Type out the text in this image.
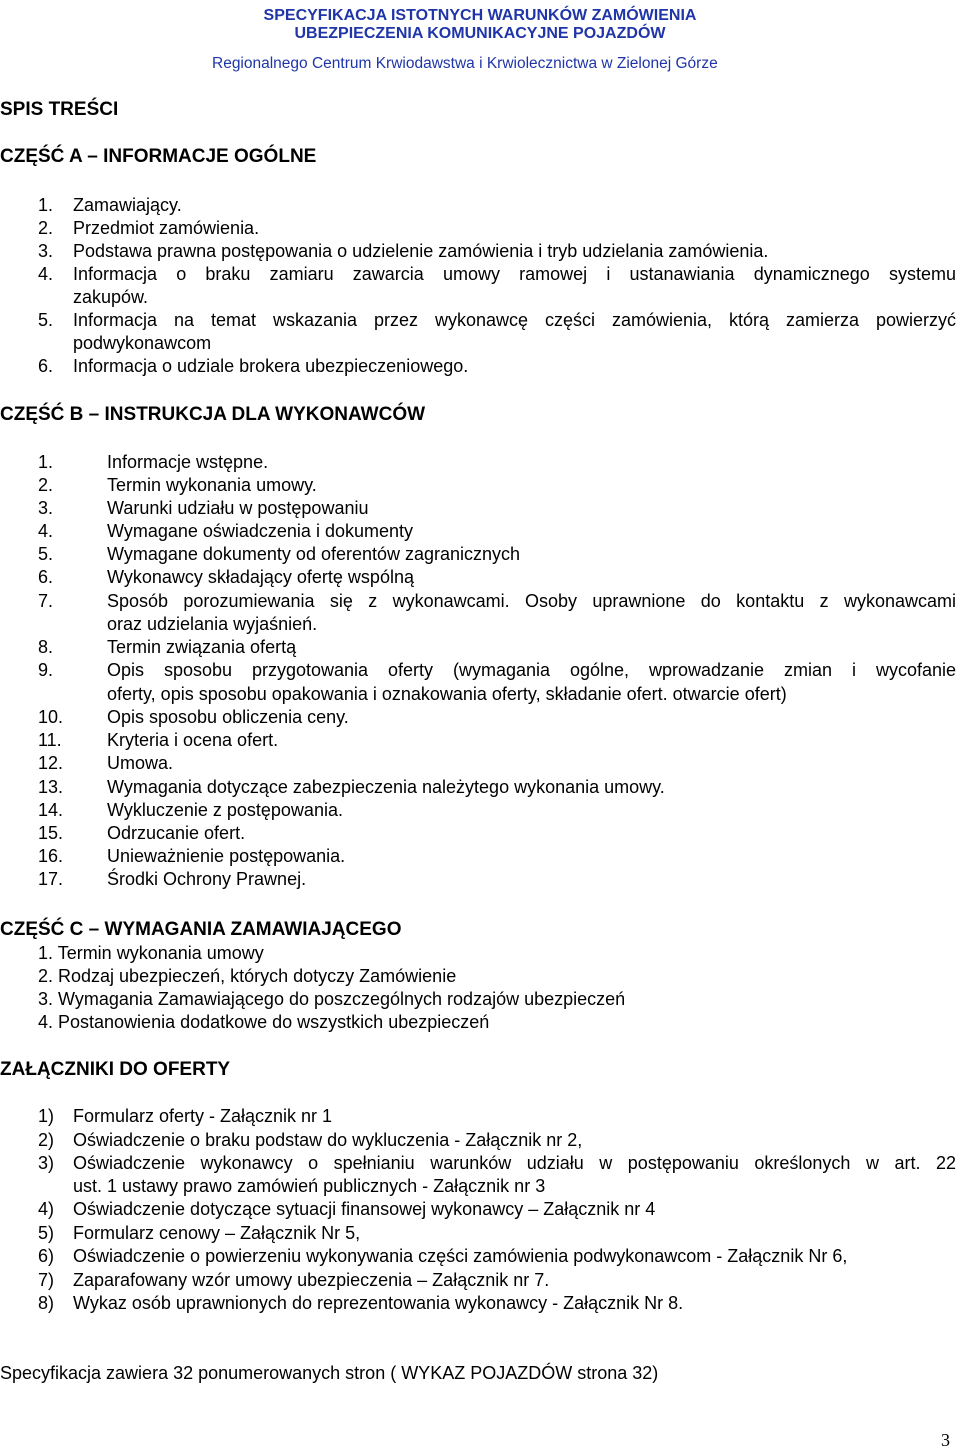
SPECYFIKACJA ISTOTNYCH WARUNKÓW ZAMÓWIENIA
UBEZPIECZENIA KOMUNIKACYJNE POJAZDÓW
Regionalnego Centrum Krwiodawstwa i Krwiolecznictwa w Zielonej Górze
SPIS TREŚCI
CZĘŚĆ A – INFORMACJE OGÓLNE
1. Zamawiający.
2. Przedmiot zamówienia.
3. Podstawa prawna postępowania o udzielenie zamówienia i tryb udzielania zamówienia.
4. Informacja o braku zamiaru zawarcia umowy ramowej i ustanawiania dynamicznego systemu
zakupów.
5. Informacja na temat wskazania przez wykonawcę części zamówienia, którą zamierza powierzyć
podwykonawcom
6. Informacja o udziale brokera ubezpieczeniowego.
CZĘŚĆ B – INSTRUKCJA DLA WYKONAWCÓW
1.	Informacje wstępne.
2.	Termin wykonania umowy.
3.	Warunki udziału w postępowaniu
4.	Wymagane oświadczenia i dokumenty
5.	Wymagane dokumenty od oferentów zagranicznych
6.	Wykonawcy składający ofertę wspólną
7.	Sposób porozumiewania się z wykonawcami. Osoby uprawnione do kontaktu z wykonawcami
oraz udzielania wyjaśnień.
8.	Termin związania ofertą
9.	Opis sposobu przygotowania oferty (wymagania ogólne, wprowadzanie zmian i wycofanie
oferty, opis sposobu opakowania i oznakowania oferty, składanie ofert. otwarcie ofert)
10. Opis sposobu obliczenia ceny.
11.	Kryteria i ocena ofert.
12. Umowa.
13. Wymagania dotyczące zabezpieczenia należytego wykonania umowy.
14. Wykluczenie z postępowania.
15. Odrzucanie ofert.
16. Unieważnienie postępowania.
17. Środki Ochrony Prawnej.
CZĘŚĆ C – WYMAGANIA ZAMAWIAJĄCEGO
1. Termin wykonania umowy
2. Rodzaj ubezpieczeń, których dotyczy Zamówienie
3. Wymagania Zamawiającego do poszczególnych rodzajów ubezpieczeń
4. Postanowienia dodatkowe do wszystkich ubezpieczeń
ZAŁĄCZNIKI DO OFERTY
1) Formularz oferty - Załącznik nr 1
2) Oświadczenie o braku podstaw do wykluczenia - Załącznik nr 2,
3) Oświadczenie wykonawcy o spełnianiu warunków udziału w postępowaniu określonych w art. 22
ust. 1 ustawy prawo zamówień publicznych - Załącznik nr 3
4) Oświadczenie dotyczące sytuacji finansowej wykonawcy – Załącznik nr 4
5) Formularz cenowy – Załącznik Nr 5,
6) Oświadczenie o powierzeniu wykonywania części zamówienia podwykonawcom - Załącznik Nr 6,
7) Zaparafowany wzór umowy ubezpieczenia – Załącznik nr 7.
8) Wykaz osób uprawnionych do reprezentowania wykonawcy - Załącznik Nr 8.
Specyfikacja zawiera 32 ponumerowanych stron ( WYKAZ POJAZDÓW strona 32)
3
